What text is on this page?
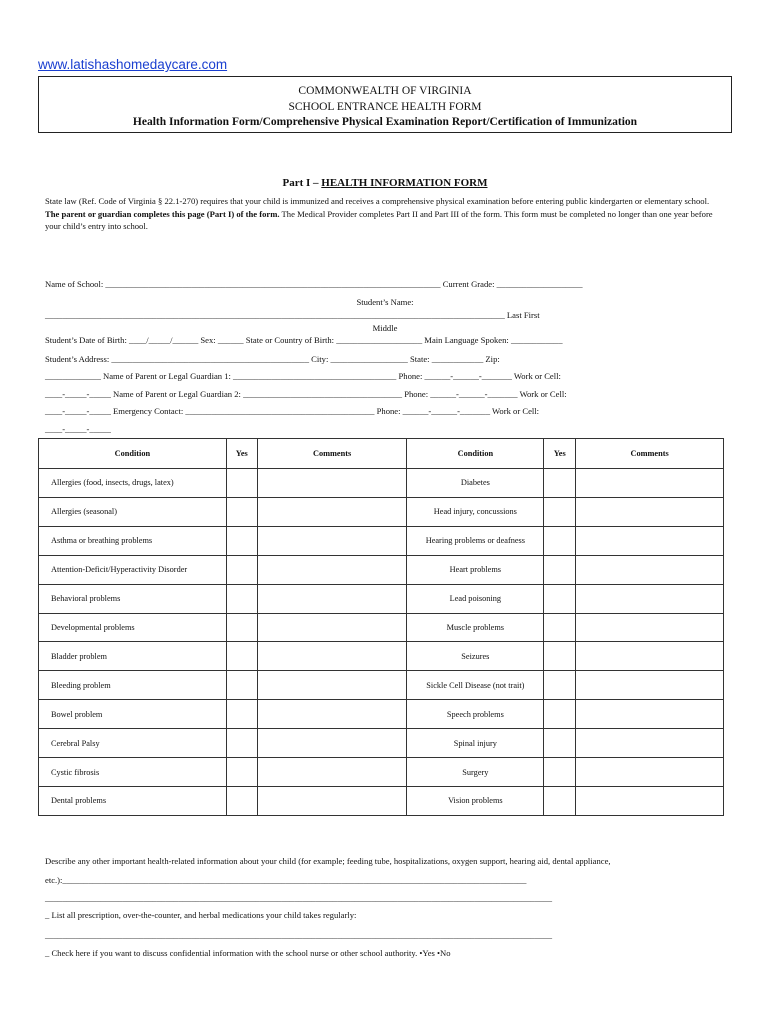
www.latishashomedaycare.com
COMMONWEALTH OF VIRGINIA
SCHOOL ENTRANCE HEALTH FORM
Health Information Form/Comprehensive Physical Examination Report/Certification of Immunization
Part I – HEALTH INFORMATION FORM
State law (Ref. Code of Virginia § 22.1-270) requires that your child is immunized and receives a comprehensive physical examination before entering public kindergarten or elementary school. The parent or guardian completes this page (Part I) of the form. The Medical Provider completes Part II and Part III of the form. This form must be completed no longer than one year before your child’s entry into school.
Name of School: ______________________________________________________________________________ Current Grade: ____________________
Student’s Name:
___________________________________________________________________________________________________________ Last First
Middle
Student’s Date of Birth: ____/_____/______ Sex: ______ State or Country of Birth: ____________________ Main Language Spoken: ____________
Student’s Address: ______________________________________________ City: __________________ State: ____________ Zip:
_____________ Name of Parent or Legal Guardian 1: ______________________________________ Phone: ______-______-_______ Work or Cell:
____-_____-_____ Name of Parent or Legal Guardian 2: _____________________________________ Phone: ______-______-_______ Work or Cell:
____-_____-_____ Emergency Contact: ____________________________________________ Phone: ______-______-_______ Work or Cell:
____-_____-_____
Condition	Yes	Comments	Condition	Yes	Comments
Allergies (food, insects, drugs, latex)			Diabetes		
Allergies (seasonal)			Head injury, concussions		
Asthma or breathing problems			Hearing problems or deafness		
Attention-Deficit/Hyperactivity Disorder			Heart problems		
Behavioral problems			Lead poisoning		
Developmental problems			Muscle problems		
Bladder problem			Seizures		
Bleeding problem			Sickle Cell Disease (not trait)		
Bowel problem			Speech problems		
Cerebral Palsy			Spinal injury		
Cystic fibrosis			Surgery		
Dental problems			Vision problems		
Describe any other important health-related information about your child (for example; feeding tube, hospitalizations, oxygen support, hearing aid, dental appliance,
etc.):____________________________________________________________________________________________________________
______________________________________________________________________________________________________________________
_ List all prescription, over-the-counter, and herbal medications your child takes regularly:
______________________________________________________________________________________________________________________
_ Check here if you want to discuss confidential information with the school nurse or other school authority. •Yes •No
